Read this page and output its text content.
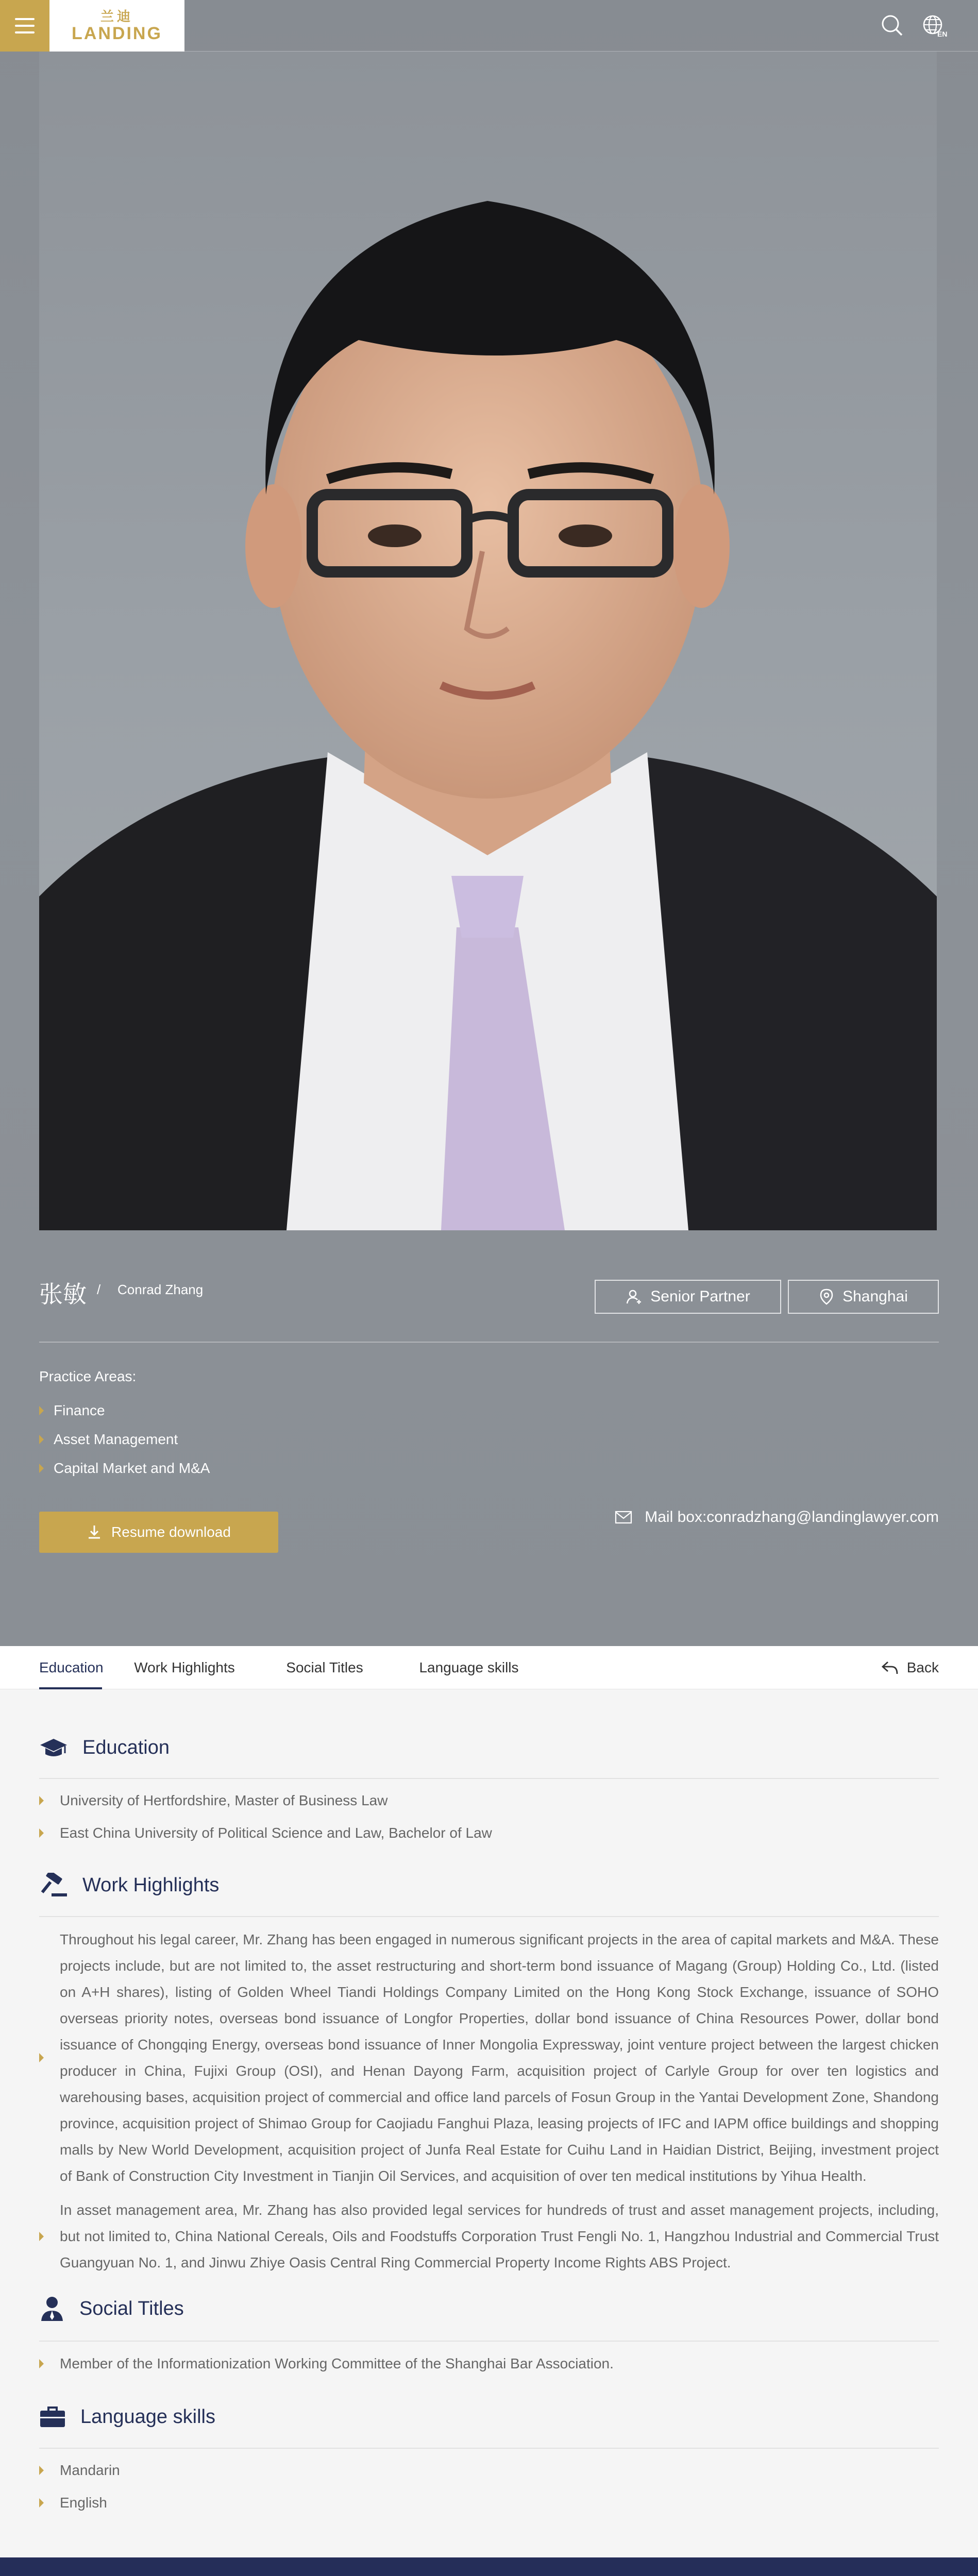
张敏 / Conrad Zhang	Senior Partner	Shanghai
Practice Areas:
Finance
Asset Management
Capital Market and M&A
Resume download
Mail box:conradzhang@landinglawyer.com
兰迪
LANDING	EN
Education	Work Highlights	Social Titles	Language skills	Back
Education
University of Hertfordshire, Master of Business Law
East China University of Political Science and Law, Bachelor of Law
Work Highlights
Throughout his legal career, Mr. Zhang has been engaged in numerous significant projects in the area of capital markets and M&A. These projects include, but are not limited to, the asset restructuring and short-term bond issuance of Magang (Group) Holding Co., Ltd. (listed on A+H shares), listing of Golden Wheel Tiandi Holdings Company Limited on the Hong Kong Stock Exchange, issuance of SOHO overseas priority notes, overseas bond issuance of Longfor Properties, dollar bond issuance of China Resources Power, dollar bond issuance of Chongqing Energy, overseas bond issuance of Inner Mongolia Expressway, joint venture project between the largest chicken producer in China, Fujixi Group (OSI), and Henan Dayong Farm, acquisition project of Carlyle Group for over ten logistics and warehousing bases, acquisition project of commercial and office land parcels of Fosun Group in the Yantai Development Zone, Shandong province, acquisition project of Shimao Group for Caojiadu Fanghui Plaza, leasing projects of IFC and IAPM office buildings and shopping malls by New World Development, acquisition project of Junfa Real Estate for Cuihu Land in Haidian District, Beijing, investment project of Bank of Construction City Investment in Tianjin Oil Services, and acquisition of over ten medical institutions by Yihua Health.
In asset management area, Mr. Zhang has also provided legal services for hundreds of trust and asset management projects, including, but not limited to, China National Cereals, Oils and Foodstuffs Corporation Trust Fengli No. 1, Hangzhou Industrial and Commercial Trust Guangyuan No. 1, and Jinwu Zhiye Oasis Central Ring Commercial Property Income Rights ABS Project.
Social Titles
Member of the Informationization Working Committee of the Shanghai Bar Association.
Language skills
Mandarin
English
